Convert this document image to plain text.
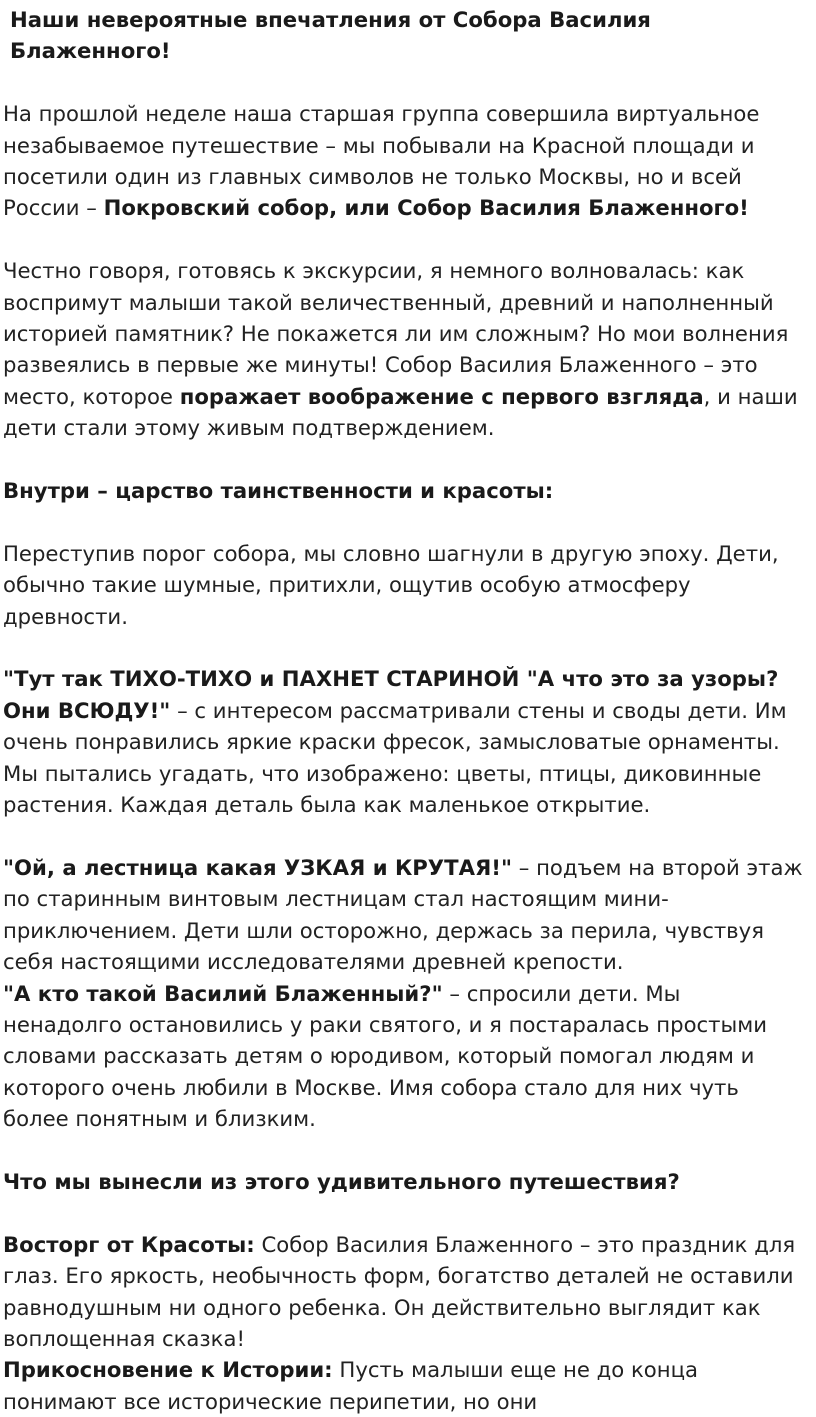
Наши невероятные впечатления от Собора Василия Блаженного!

На прошлой неделе наша старшая группа совершила виртуальное незабываемое путешествие – мы побывали на Красной площади и посетили один из главных символов не только Москвы, но и всей России – Покровский собор, или Собор Василия Блаженного!

Честно говоря, готовясь к экскурсии, я немного волновалась: как воспримут малыши такой величественный, древний и наполненный историей памятник? Не покажется ли им сложным? Но мои волнения развеялись в первые же минуты! Собор Василия Блаженного – это место, которое поражает воображение с первого взгляда, и наши дети стали этому живым подтверждением.

Внутри – царство таинственности и красоты:

Переступив порог собора, мы словно шагнули в другую эпоху. Дети, обычно такие шумные, притихли, ощутив особую атмосферу древности.

"Тут так ТИХО-ТИХО и ПАХНЕТ СТАРИНОЙ "А что это за узоры? Они ВСЮДУ!" – с интересом рассматривали стены и своды дети. Им очень понравились яркие краски фресок, замысловатые орнаменты. Мы пытались угадать, что изображено: цветы, птицы, диковинные растения. Каждая деталь была как маленькое открытие.

"Ой, а лестница какая УЗКАЯ и КРУТАЯ!" – подъем на второй этаж по старинным винтовым лестницам стал настоящим мини-приключением. Дети шли осторожно, держась за перила, чувствуя себя настоящими исследователями древней крепости.

"А кто такой Василий Блаженный?" – спросили дети. Мы ненадолго остановились у раки святого, и я постаралась простыми словами рассказать детям о юродивом, который помогал людям и которого очень любили в Москве. Имя собора стало для них чуть более понятным и близким.

Что мы вынесли из этого удивительного путешествия?

Восторг от Красоты: Собор Василия Блаженного – это праздник для глаз. Его яркость, необычность форм, богатство деталей не оставили равнодушным ни одного ребенка. Он действительно выглядит как воплощенная сказка!

Прикосновение к Истории: Пусть малыши еще не до конца понимают все исторические перипетии, но они
